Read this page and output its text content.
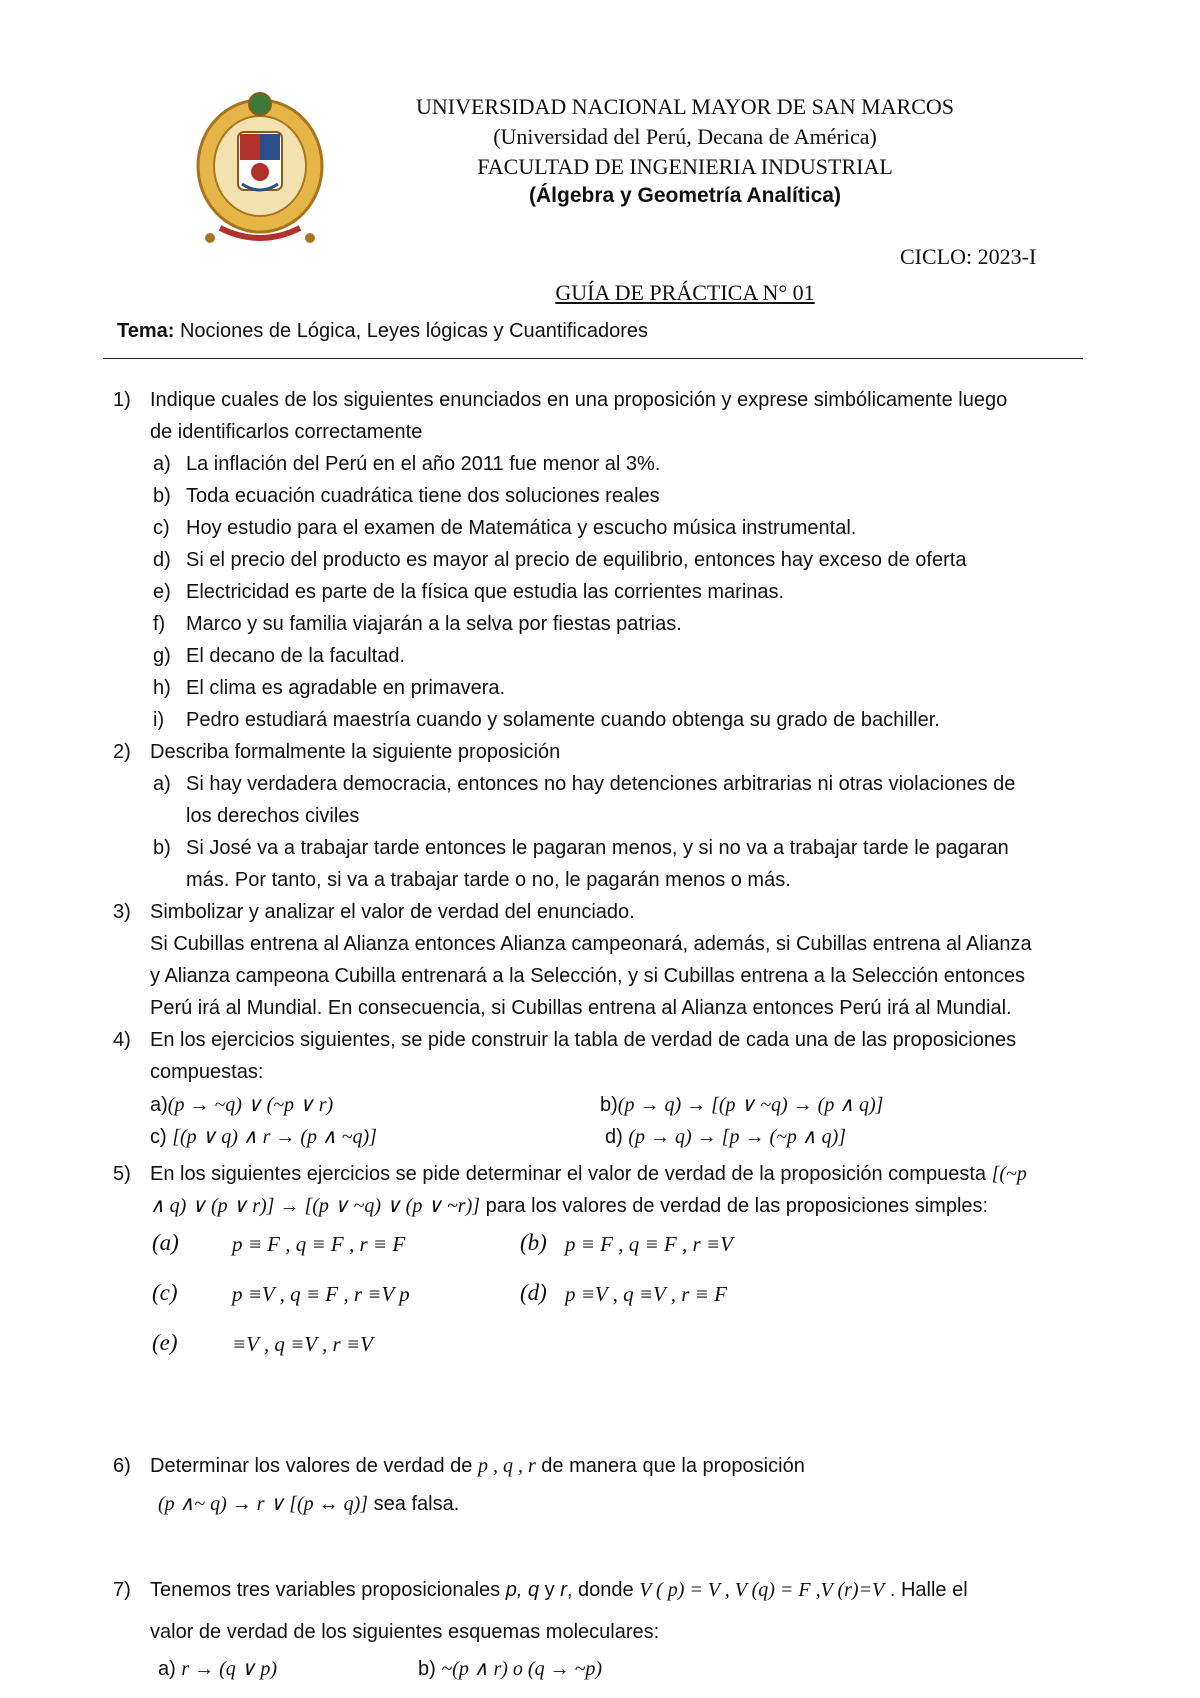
UNIVERSIDAD NACIONAL MAYOR DE SAN MARCOS
(Universidad del Perú, Decana de América)
FACULTAD DE INGENIERIA INDUSTRIAL
(Álgebra y Geometría Analítica)
CICLO: 2023-I
GUÍA DE PRÁCTICA N° 01
Tema: Nociones de Lógica, Leyes lógicas y Cuantificadores
1) Indique cuales de los siguientes enunciados en una proposición y exprese simbólicamente luego
de identificarlos correctamente
a) La inflación del Perú en el año 2011 fue menor al 3%.
b) Toda ecuación cuadrática tiene dos soluciones reales
c) Hoy estudio para el examen de Matemática y escucho música instrumental.
d) Si el precio del producto es mayor al precio de equilibrio, entonces hay exceso de oferta
e) Electricidad es parte de la física que estudia las corrientes marinas.
f) Marco y su familia viajarán a la selva por fiestas patrias.
g) El decano de la facultad.
h) El clima es agradable en primavera.
i) Pedro estudiará maestría cuando y solamente cuando obtenga su grado de bachiller.
2) Describa formalmente la siguiente proposición
a) Si hay verdadera democracia, entonces no hay detenciones arbitrarias ni otras violaciones de
los derechos civiles
b) Si José va a trabajar tarde entonces le pagaran menos, y si no va a trabajar tarde le pagaran
más. Por tanto, si va a trabajar tarde o no, le pagarán menos o más.
3) Simbolizar y analizar el valor de verdad del enunciado.
Si Cubillas entrena al Alianza entonces Alianza campeonará, además, si Cubillas entrena al Alianza
y Alianza campeona Cubilla entrenará a la Selección, y si Cubillas entrena a la Selección entonces
Perú irá al Mundial. En consecuencia, si Cubillas entrena al Alianza entonces Perú irá al Mundial.
4) En los ejercicios siguientes, se pide construir la tabla de verdad de cada una de las proposiciones
compuestas:
a)(p → ~q) ∨ (~p ∨ r)	b)(p → q) → [(p ∨ ~q) → (p ∧ q)]
c) [(p ∨ q) ∧ r → (p ∧ ~q)]	d) (p → q) → [p → (~p ∧ q)]
5) En los siguientes ejercicios se pide determinar el valor de verdad de la proposición compuesta [(~p
∧ q) ∨ (p ∨ r)] → [(p ∨ ~q) ∨ (p ∨ ~r)] para los valores de verdad de las proposiciones simples:
(a)	p ≡ F , q ≡ F , r ≡ F	(b) p ≡ F , q ≡ F , r ≡V
(c)	p ≡V , q ≡ F , r ≡V p	(d) p ≡V , q ≡V , r ≡ F
(e)	≡V , q ≡V , r ≡V
6) Determinar los valores de verdad de p , q , r de manera que la proposición
(p ∧~ q) → r ∨ [(p ↔ q)] sea falsa.
7) Tenemos tres variables proposicionales p, q y r, donde V ( p) = V , V (q) = F ,V (r)=V . Halle el
valor de verdad de los siguientes esquemas moleculares:
a) r → (q ∨ p)	b) ~(p ∧ r) o (q → ~p)
